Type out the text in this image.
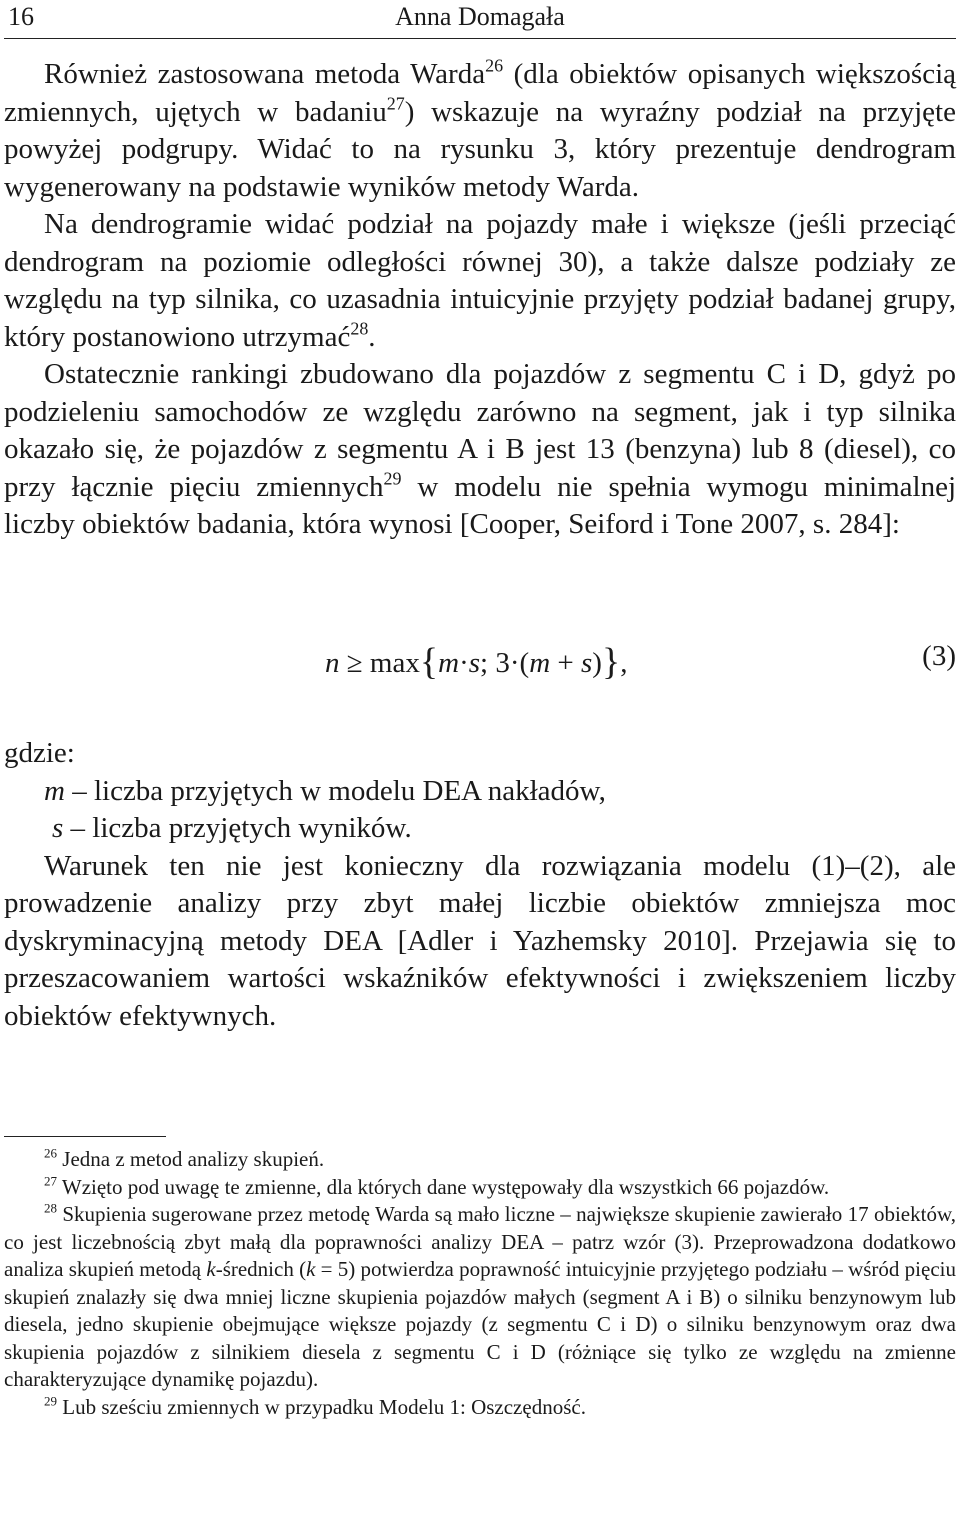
16	Anna Domagała

Również zastosowana metoda Warda$^{26}$ (dla obiektów opisanych większością zmiennych, ujętych w badaniu$^{27}$) wskazuje na wyraźny podział na przyjęte powyżej podgrupy. Widać to na rysunku 3, który prezentuje dendrogram wygenerowany na podstawie wyników metody Warda.

Na dendrogramie widać podział na pojazdy małe i większe (jeśli przeciąć dendrogram na poziomie odległości równej 30), a także dalsze podziały ze względu na typ silnika, co uzasadnia intuicyjnie przyjęty podział badanej grupy, który postanowiono utrzymać$^{28}$.

Ostatecznie rankingi zbudowano dla pojazdów z segmentu C i D, gdyż po podzieleniu samochodów ze względu zarówno na segment, jak i typ silnika okazało się, że pojazdów z segmentu A i B jest 13 (benzyna) lub 8 (diesel), co przy łącznie pięciu zmiennych$^{29}$ w modelu nie spełnia wymogu minimalnej liczby obiektów badania, która wynosi [Cooper, Seiford i Tone 2007, s. 284]:

n ≥ max{m·s; 3·(m + s)},	(3)

gdzie:

m – liczba przyjętych w modelu DEA nakładów,

s – liczba przyjętych wyników.

Warunek ten nie jest konieczny dla rozwiązania modelu (1)–(2), ale prowadzenie analizy przy zbyt małej liczbie obiektów zmniejsza moc dyskryminacyjną metody DEA [Adler i Yazhemsky 2010]. Przejawia się to przeszacowaniem wartości wskaźników efektywności i zwiększeniem liczby obiektów efektywnych.

$^{26}$ Jedna z metod analizy skupień.

$^{27}$ Wzięto pod uwagę te zmienne, dla których dane występowały dla wszystkich 66 pojazdów.

$^{28}$ Skupienia sugerowane przez metodę Warda są mało liczne – największe skupienie zawierało 17 obiektów, co jest liczebnością zbyt małą dla poprawności analizy DEA – patrz wzór (3). Przeprowadzona dodatkowo analiza skupień metodą k-średnich (k = 5) potwierdza poprawność intuicyjnie przyjętego podziału – wśród pięciu skupień znalazły się dwa mniej liczne skupienia pojazdów małych (segment A i B) o silniku benzynowym lub diesela, jedno skupienie obejmujące większe pojazdy (z segmentu C i D) o silniku benzynowym oraz dwa skupienia pojazdów z silnikiem diesela z segmentu C i D (różniące się tylko ze względu na zmienne charakteryzujące dynamikę pojazdu).

$^{29}$ Lub sześciu zmiennych w przypadku Modelu 1: Oszczędność.
